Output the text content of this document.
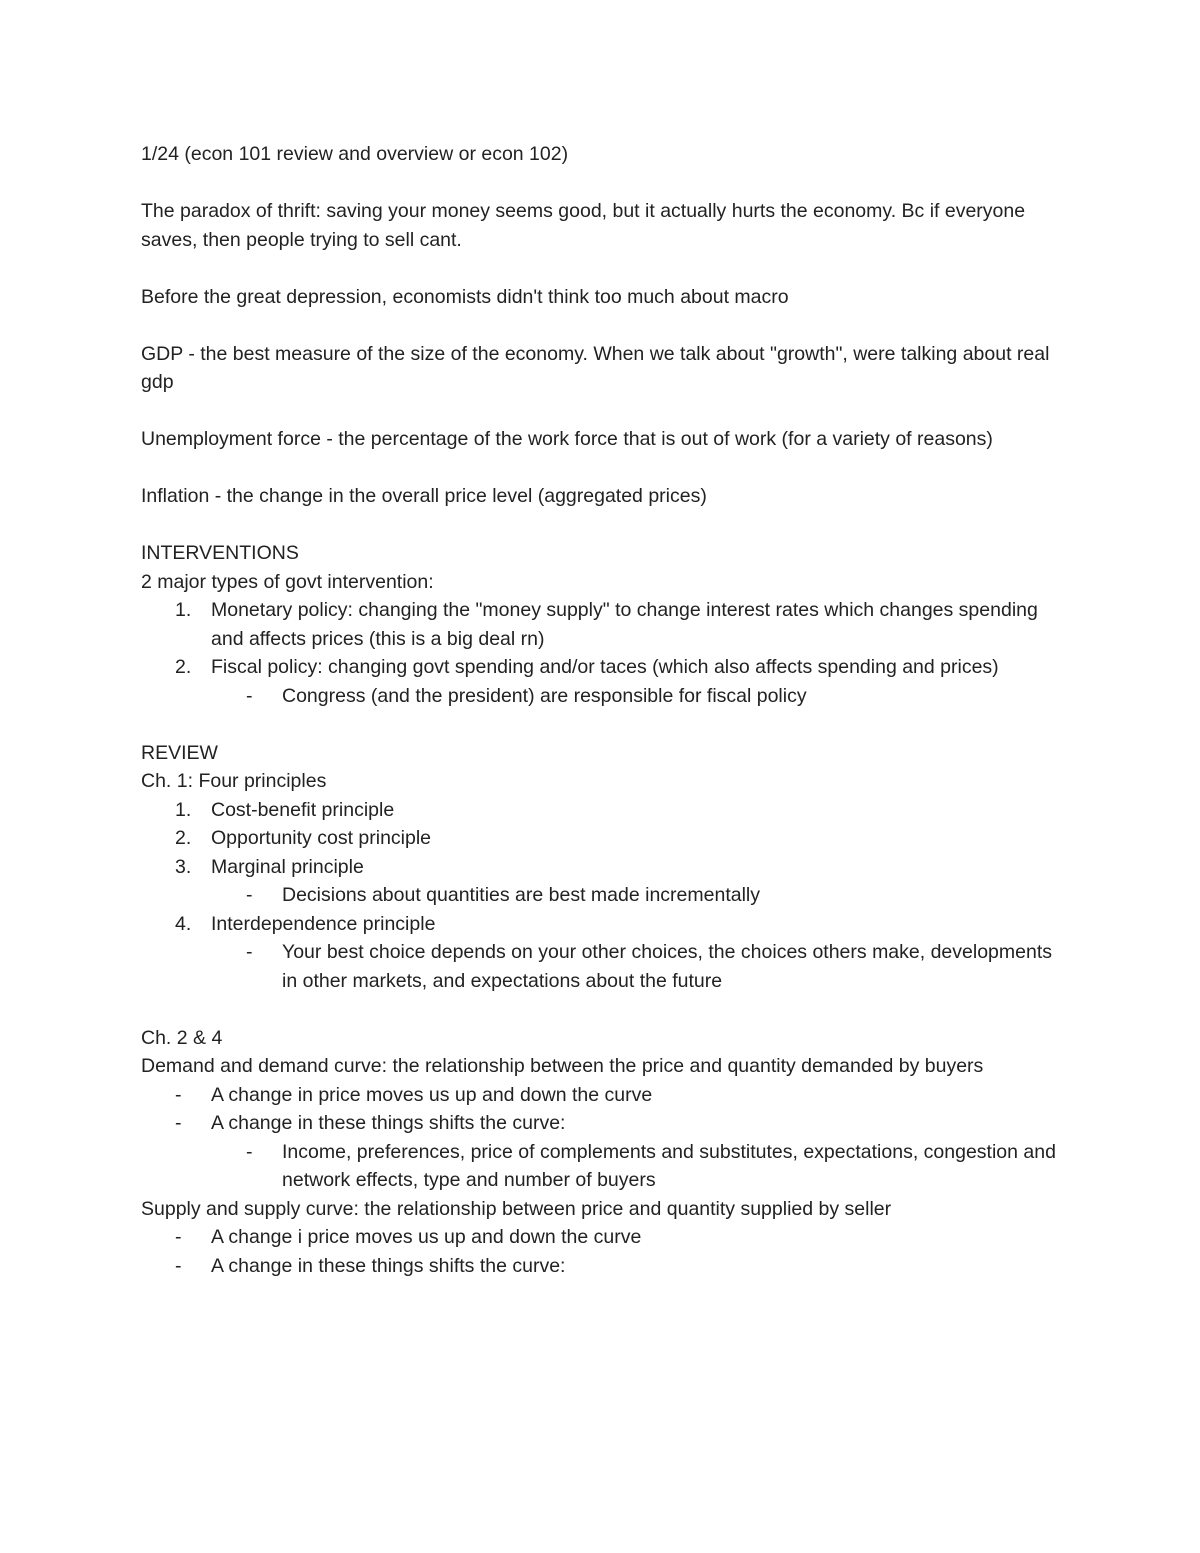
1/24 (econ 101 review and overview or econ 102)

The paradox of thrift: saving your money seems good, but it actually hurts the economy. Bc if everyone saves, then people trying to sell cant.

Before the great depression, economists didn't think too much about macro

GDP - the best measure of the size of the economy. When we talk about "growth", were talking about real gdp

Unemployment force - the percentage of the work force that is out of work (for a variety of reasons)

Inflation - the change in the overall price level (aggregated prices)

INTERVENTIONS

2 major types of govt intervention:

1. Monetary policy: changing the "money supply" to change interest rates which changes spending and affects prices (this is a big deal rn)
2. Fiscal policy: changing govt spending and/or taces (which also affects spending and prices)
- Congress (and the president) are responsible for fiscal policy

REVIEW

Ch. 1: Four principles

1. Cost-benefit principle
2. Opportunity cost principle
3. Marginal principle
- Decisions about quantities are best made incrementally
4. Interdependence principle
- Your best choice depends on your other choices, the choices others make, developments in other markets, and expectations about the future

Ch. 2 & 4

Demand and demand curve: the relationship between the price and quantity demanded by buyers

- A change in price moves us up and down the curve
- A change in these things shifts the curve:
- Income, preferences, price of complements and substitutes, expectations, congestion and network effects, type and number of buyers

Supply and supply curve: the relationship between price and quantity supplied by seller

- A change i price moves us up and down the curve
- A change in these things shifts the curve:
